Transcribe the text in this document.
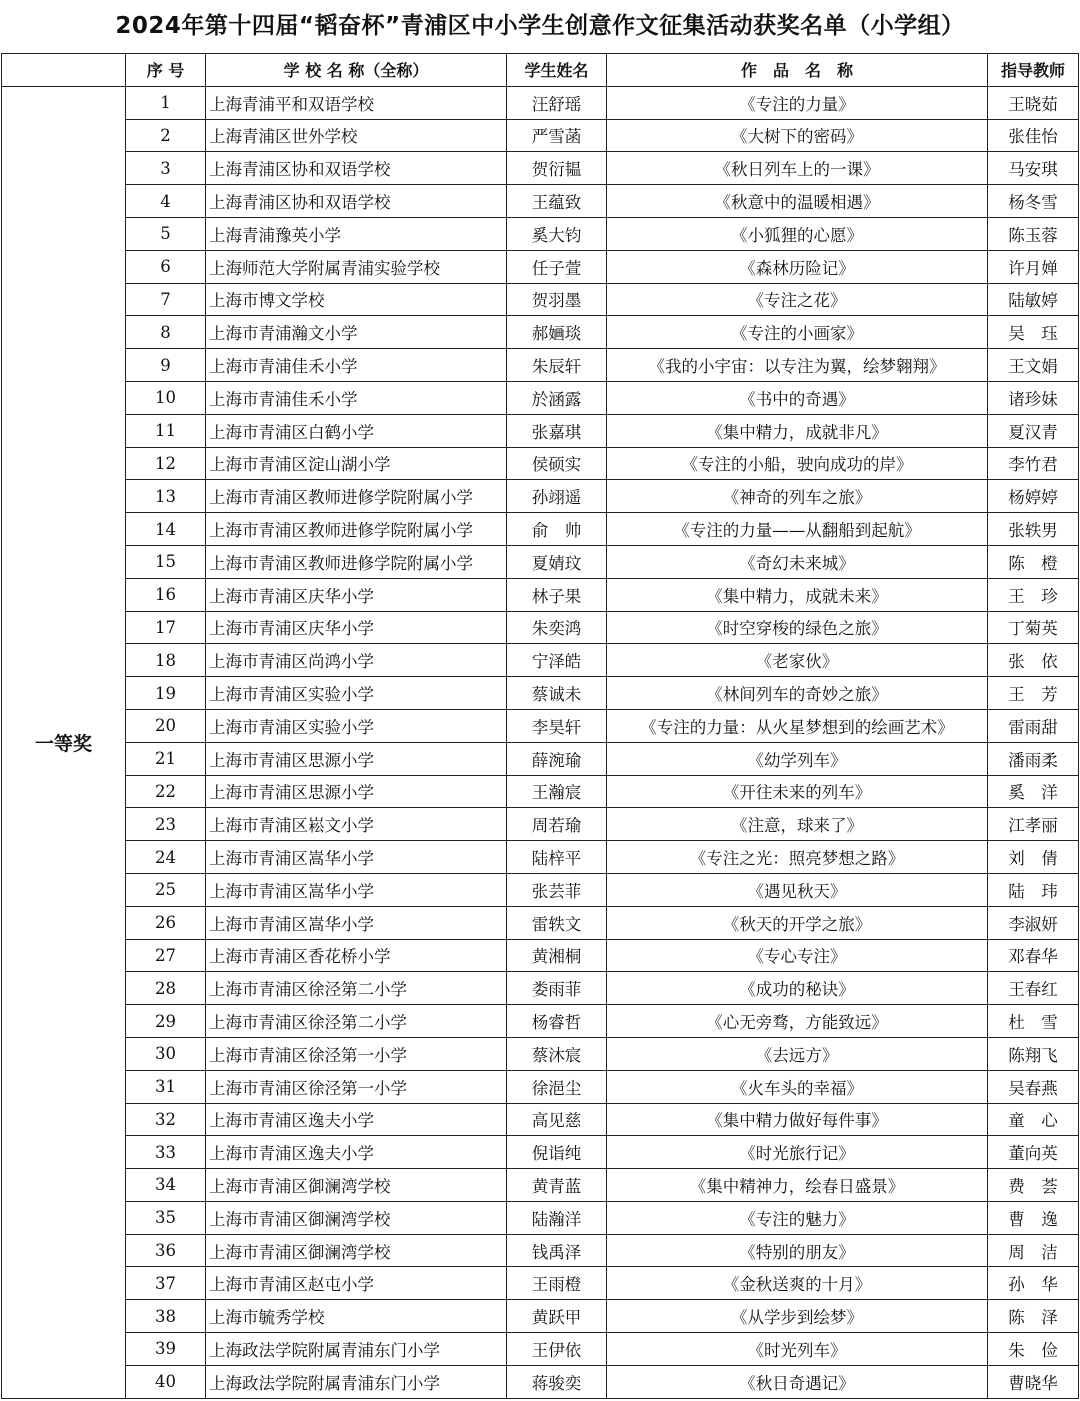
2024年第十四届“韬奋杯”青浦区中小学生创意作文征集活动获奖名单（小学组）
	序 号	学 校 名 称（全称）	学生姓名	作　品　名　称	指导教师
一等奖	1	上海青浦平和双语学校	汪舒瑶	《专注的力量》	王晓茹
	2	上海青浦区世外学校	严雪菡	《大树下的密码》	张佳怡
	3	上海青浦区协和双语学校	贺衍韫	《秋日列车上的一课》	马安琪
	4	上海青浦区协和双语学校	王蕴致	《秋意中的温暖相遇》	杨冬雪
	5	上海青浦豫英小学	奚大钧	《小狐狸的心愿》	陈玉蓉
	6	上海师范大学附属青浦实验学校	任子萱	《森林历险记》	许月婵
	7	上海市博文学校	贺羽墨	《专注之花》	陆敏婷
	8	上海市青浦瀚文小学	郝婳琰	《专注的小画家》	吴　珏
	9	上海市青浦佳禾小学	朱辰轩	《我的小宇宙：以专注为翼，绘梦翱翔》	王文娟
	10	上海市青浦佳禾小学	於涵露	《书中的奇遇》	诸珍妹
	11	上海市青浦区白鹤小学	张嘉琪	《集中精力，成就非凡》	夏汉青
	12	上海市青浦区淀山湖小学	侯硕实	《专注的小船，驶向成功的岸》	李竹君
	13	上海市青浦区教师进修学院附属小学	孙翊遥	《神奇的列车之旅》	杨婷婷
	14	上海市青浦区教师进修学院附属小学	俞　帅	《专注的力量——从翻船到起航》	张轶男
	15	上海市青浦区教师进修学院附属小学	夏婧玟	《奇幻未来城》	陈　橙
	16	上海市青浦区庆华小学	林子果	《集中精力，成就未来》	王　珍
	17	上海市青浦区庆华小学	朱奕鸿	《时空穿梭的绿色之旅》	丁菊英
	18	上海市青浦区尚鸿小学	宁泽皓	《老家伙》	张　依
	19	上海市青浦区实验小学	蔡诚未	《林间列车的奇妙之旅》	王　芳
	20	上海市青浦区实验小学	李昊轩	《专注的力量：从火星梦想到的绘画艺术》	雷雨甜
	21	上海市青浦区思源小学	薛涴瑜	《幼学列车》	潘雨柔
	22	上海市青浦区思源小学	王瀚宸	《开往未来的列车》	奚　洋
	23	上海市青浦区崧文小学	周若瑜	《注意，球来了》	江孝丽
	24	上海市青浦区嵩华小学	陆梓平	《专注之光：照亮梦想之路》	刘　倩
	25	上海市青浦区嵩华小学	张芸菲	《遇见秋天》	陆　玮
	26	上海市青浦区嵩华小学	雷轶文	《秋天的开学之旅》	李淑妍
	27	上海市青浦区香花桥小学	黄湘桐	《专心专注》	邓春华
	28	上海市青浦区徐泾第二小学	娄雨菲	《成功的秘诀》	王春红
	29	上海市青浦区徐泾第二小学	杨睿哲	《心无旁骛，方能致远》	杜　雪
	30	上海市青浦区徐泾第一小学	蔡沐宸	《去远方》	陈翔飞
	31	上海市青浦区徐泾第一小学	徐浥尘	《火车头的幸福》	吴春燕
	32	上海市青浦区逸夫小学	高见慈	《集中精力做好每件事》	童　心
	33	上海市青浦区逸夫小学	倪诣纯	《时光旅行记》	董向英
	34	上海市青浦区御澜湾学校	黄青蓝	《集中精神力，绘春日盛景》	费　荟
	35	上海市青浦区御澜湾学校	陆瀚洋	《专注的魅力》	曹　逸
	36	上海市青浦区御澜湾学校	钱禹泽	《特别的朋友》	周　洁
	37	上海市青浦区赵屯小学	王雨橙	《金秋送爽的十月》	孙　华
	38	上海市毓秀学校	黄跃甲	《从学步到绘梦》	陈　泽
	39	上海政法学院附属青浦东门小学	王伊依	《时光列车》	朱　俭
	40	上海政法学院附属青浦东门小学	蒋骏奕	《秋日奇遇记》	曹晓华
